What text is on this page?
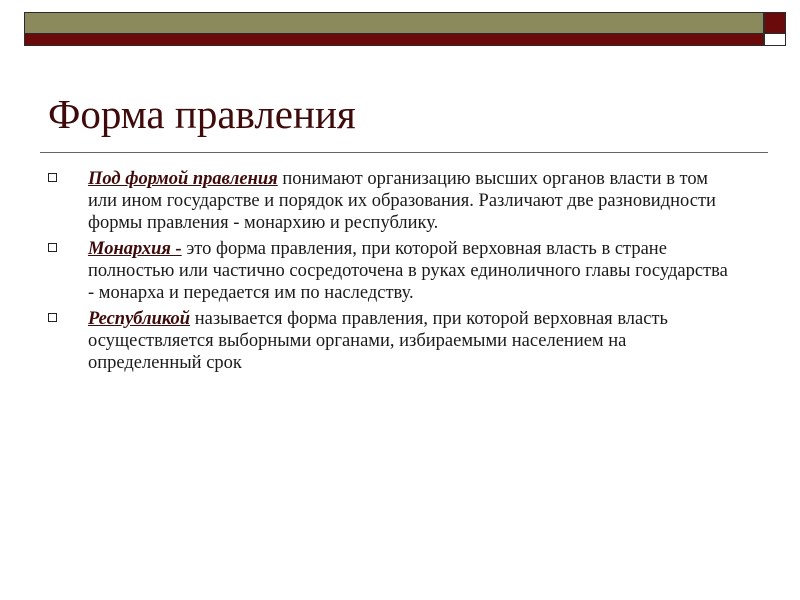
Форма правления
Под формой правления понимают организацию высших органов власти в том или ином государстве и порядок их образования. Различают две разновидности формы правления - монархию и республику.
Монархия - это форма правления, при которой верховная власть в стране полностью или частично сосредоточена в руках единоличного главы государства - монарха и передается им по наследству.
Республикой называется форма правления, при которой верховная власть осуществляется выборными органами, избираемыми населением на определенный срок
